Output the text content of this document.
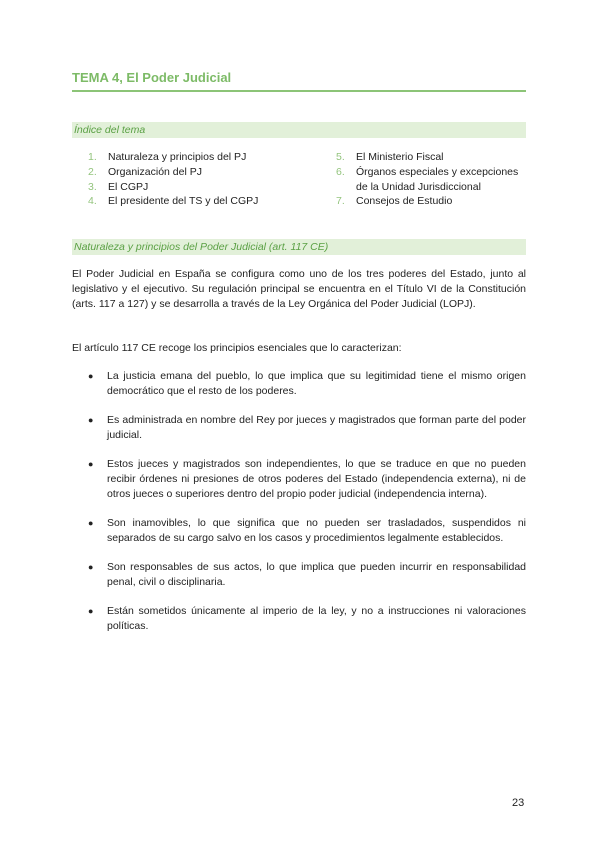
TEMA 4, El Poder Judicial
Índice del tema
1.	Naturaleza y principios del PJ
2.	Organización del PJ
3.	El CGPJ
4.	El presidente del TS y del CGPJ
5.	El Ministerio Fiscal
6.	Órganos especiales y excepciones de la Unidad Jurisdiccional
7.	Consejos de Estudio
Naturaleza y principios del Poder Judicial (art. 117 CE)
El Poder Judicial en España se configura como uno de los tres poderes del Estado, junto al legislativo y el ejecutivo. Su regulación principal se encuentra en el Título VI de la Constitución (arts. 117 a 127) y se desarrolla a través de la Ley Orgánica del Poder Judicial (LOPJ).
El artículo 117 CE recoge los principios esenciales que lo caracterizan:
● La justicia emana del pueblo, lo que implica que su legitimidad tiene el mismo origen democrático que el resto de los poderes.
● Es administrada en nombre del Rey por jueces y magistrados que forman parte del poder judicial.
● Estos jueces y magistrados son independientes, lo que se traduce en que no pueden recibir órdenes ni presiones de otros poderes del Estado (independencia externa), ni de otros jueces o superiores dentro del propio poder judicial (independencia interna).
● Son inamovibles, lo que significa que no pueden ser trasladados, suspendidos ni separados de su cargo salvo en los casos y procedimientos legalmente establecidos.
● Son responsables de sus actos, lo que implica que pueden incurrir en responsabilidad penal, civil o disciplinaria.
● Están sometidos únicamente al imperio de la ley, y no a instrucciones ni valoraciones políticas.
23
